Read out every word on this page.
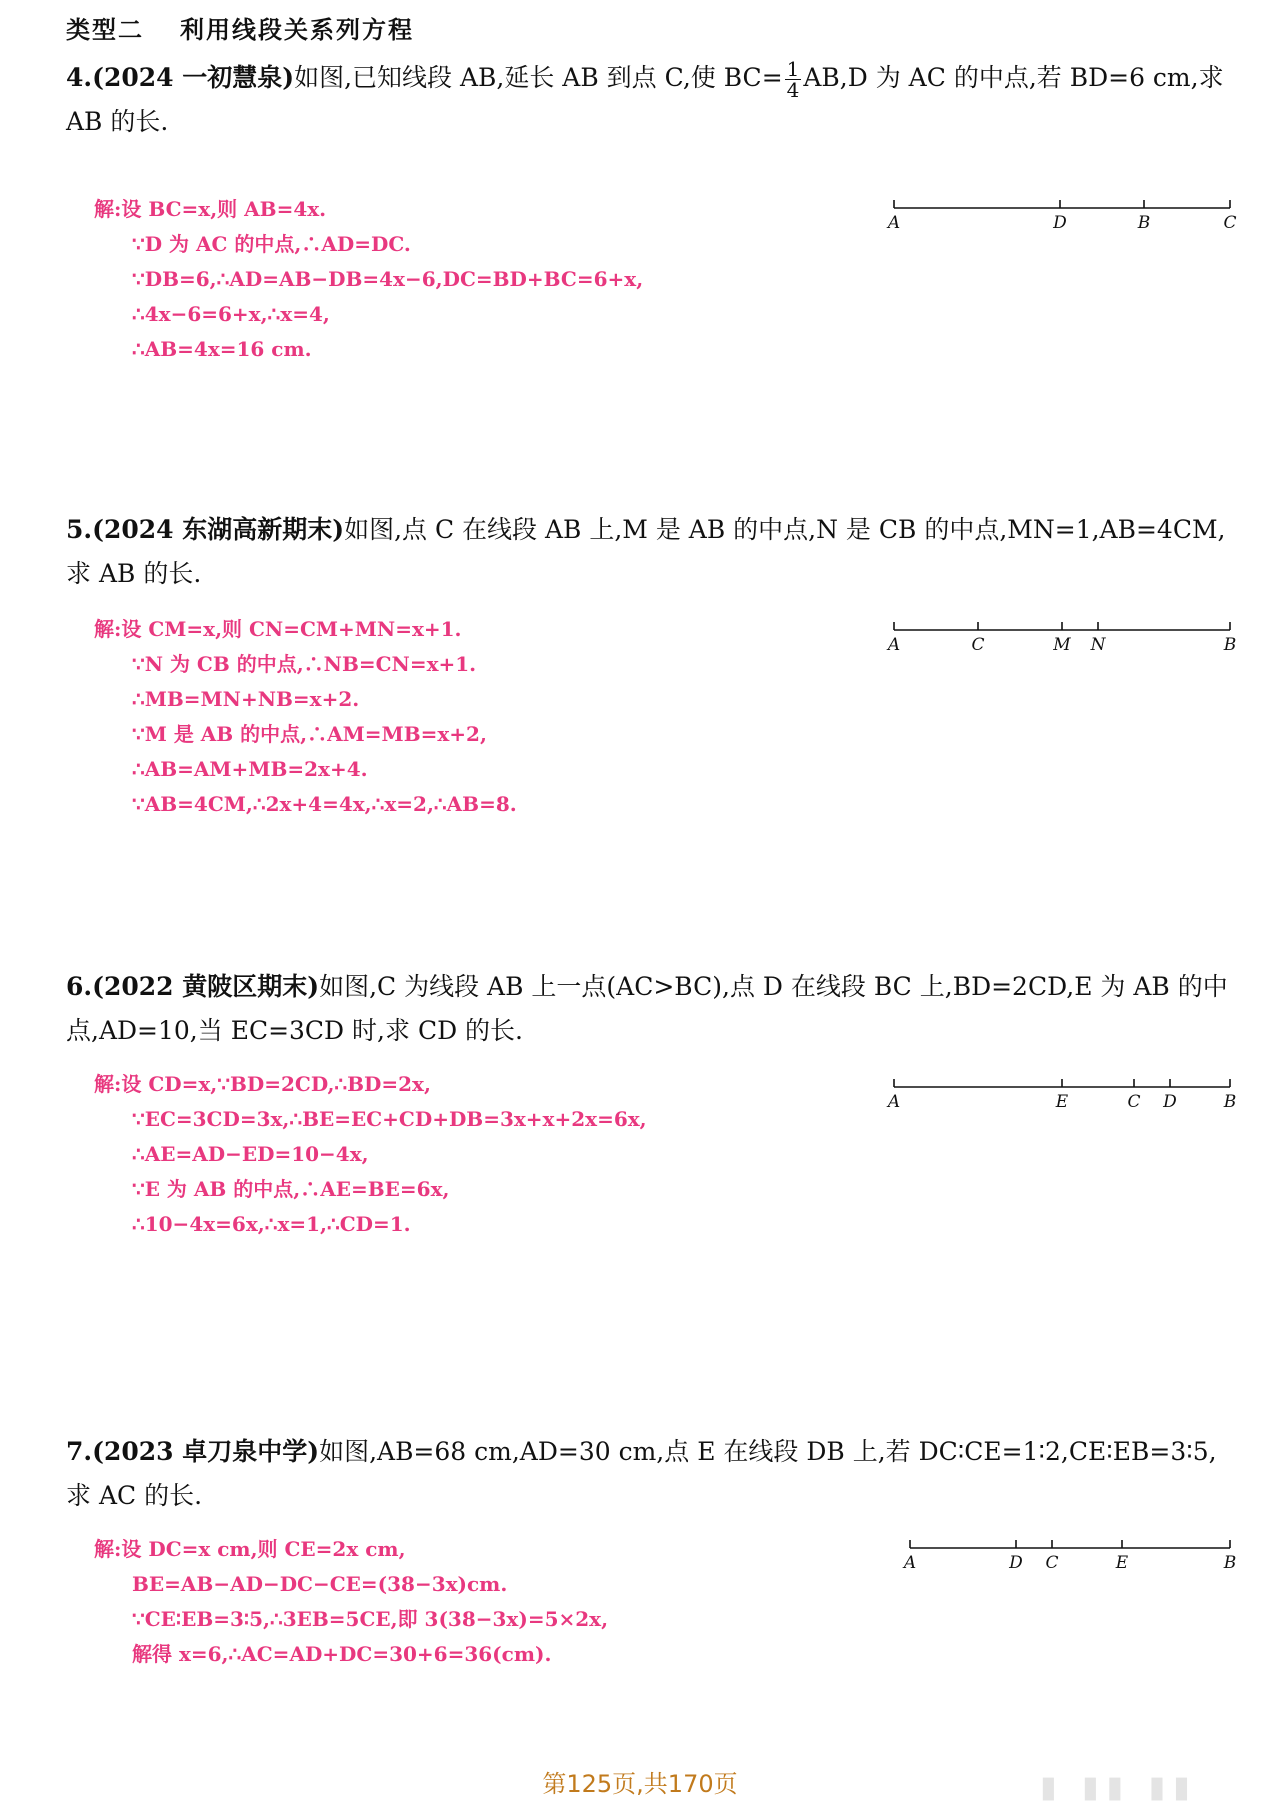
类型二 利用线段关系列方程

4.(2024 一初慧泉)如图,已知线段 AB,延长 AB 到点 C,使 $BC= \frac{1}{4} AB,D$ 为 AC 的中点,若 BD=6 cm,求 AB 的长.

解:设 BC=x,则 AB=4x.
∵D 为 AC 的中点,∴AD=DC.
∵DB=6,∴AD=AB−DB=4x−6,DC=BD+BC=6+x,
∴4x−6=6+x,∴x=4,
∴AB=4x=16 cm.
A	D	B	C

5.(2024 东湖高新期末)如图,点 C 在线段 AB 上,M 是 AB 的中点,N 是 CB 的中点,MN=1,AB=4CM,求 AB 的长.

解:设 CM=x,则 CN=CM+MN=x+1.
∵N 为 CB 的中点,∴NB=CN=x+1.
∴MB=MN+NB=x+2.
∵M 是 AB 的中点,∴AM=MB=x+2,
∴AB=AM+MB=2x+4.
∵AB=4CM,∴2x+4=4x,∴x=2,∴AB=8.
A	C	M N	B

6.(2022 黄陂区期末)如图,C 为线段 AB 上一点(AC>BC),点 D 在线段 BC 上,BD=2CD,E 为 AB 的中点,AD=10,当 EC=3CD 时,求 CD 的长.

解:设 CD=x,∵BD=2CD,∴BD=2x,
∵EC=3CD=3x,∴BE=EC+CD+DB=3x+x+2x=6x,
∴AE=AD−ED=10−4x,
∵E 为 AB 的中点,∴AE=BE=6x,
∴10−4x=6x,∴x=1,∴CD=1.
A	E	C D	B

7.(2023 卓刀泉中学)如图,AB=68 cm,AD=30 cm,点 E 在线段 DB 上,若 DC∶CE=1∶2,CE∶EB=3∶5,求 AC 的长.

解:设 DC=x cm,则 CE=2x cm,
BE=AB−AD−DC−CE=(38−3x)cm.
∵CE∶EB=3∶5,∴3EB=5CE,即 3(38−3x)=5×2x,
解得 x=6,∴AC=AD+DC=30+6=36(cm).
A	D C	E	B
第125页,共170页	▮ ▮▮ ▮▮
